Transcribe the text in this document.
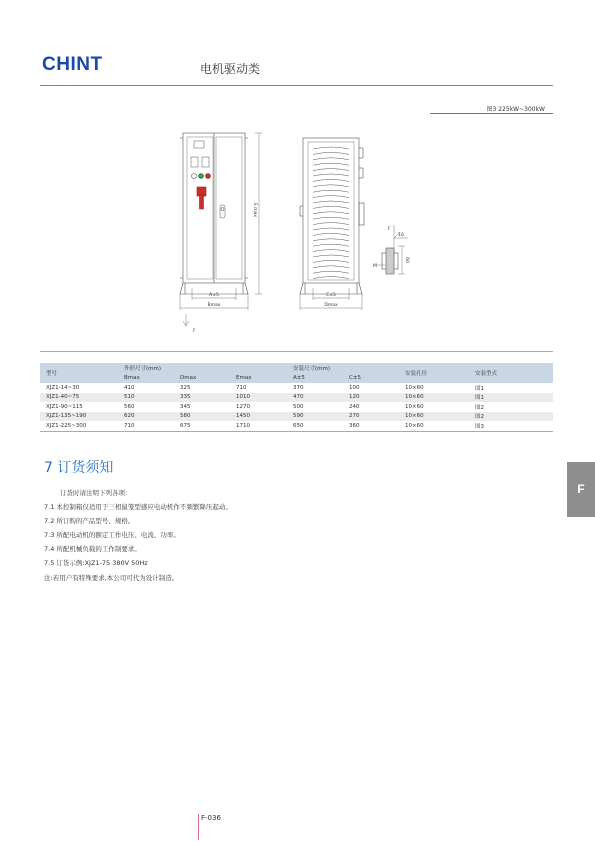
CHINT	电机驱动类
图3 225kW~300kW
E max
A±5
Bmax
F
C±5
Dmax
F
10
M
60
型号	外形尺寸(mm)			安装尺寸(mm)		安装孔径	安装型式
	Bmax	Dmax	Emax	A±5	C±5		
XJZ1-14~30	410	325	710	370	100	10×60	图1
XJZ1-40~75	510	335	1010	470	120	10×60	图1
XJZ1-90~115	560	345	1270	500	240	10×60	图2
XJZ1-135~190	620	580	1450	590	270	10×60	图2
XJZ1-225~300	710	675	1710	650	360	10×60	图3
7 订货须知
订货时请注明下列各项:
7.1 本控制箱仅适用于三相鼠笼型感应电动机作不频繁降压起动。
7.2 所订购的产品型号、规格。
7.3 所配电动机的额定工作电压、电流、功率。
7.4 所配机械负载的工作制要求。
7.5 订货示例:XJZ1-75 380V 50Hz
注:若用户有特殊要求,本公司可代为设计制造。
F
F-036
